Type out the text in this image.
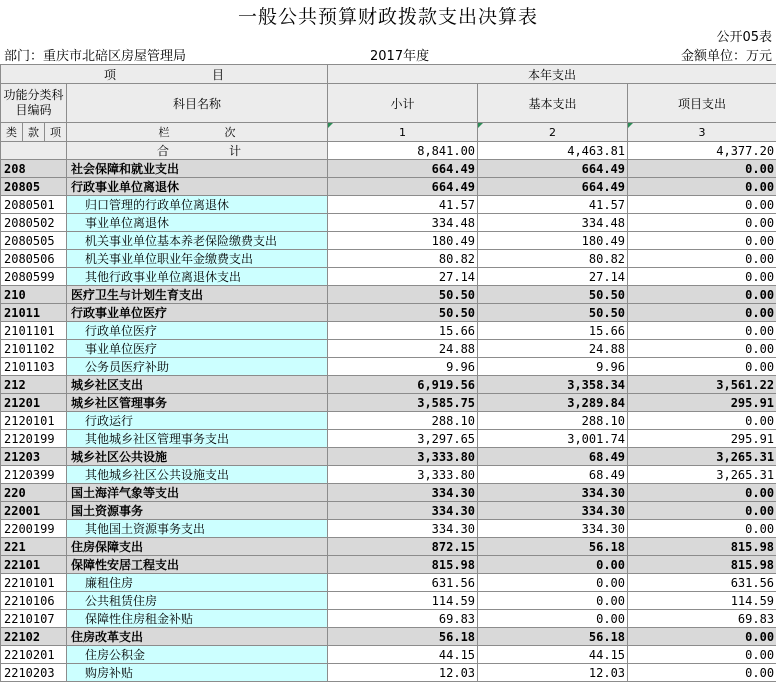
一般公共预算财政拨款支出决算表
公开05表
部门：重庆市北碚区房屋管理局	2017年度	金额单位：万元
项　　　　　　　　目				本年支出		
功能分类科目编码			科目名称	小计	基本支出	项目支出
类	款	项	栏　　　　　次	1	2	3
			合　　　　　计	8,841.00	4,463.81	4,377.20
208			社会保障和就业支出	664.49	664.49	0.00
20805			行政事业单位离退休	664.49	664.49	0.00
2080501			归口管理的行政单位离退休	41.57	41.57	0.00
2080502			事业单位离退休	334.48	334.48	0.00
2080505			机关事业单位基本养老保险缴费支出	180.49	180.49	0.00
2080506			机关事业单位职业年金缴费支出	80.82	80.82	0.00
2080599			其他行政事业单位离退休支出	27.14	27.14	0.00
210			医疗卫生与计划生育支出	50.50	50.50	0.00
21011			行政事业单位医疗	50.50	50.50	0.00
2101101			行政单位医疗	15.66	15.66	0.00
2101102			事业单位医疗	24.88	24.88	0.00
2101103			公务员医疗补助	9.96	9.96	0.00
212			城乡社区支出	6,919.56	3,358.34	3,561.22
21201			城乡社区管理事务	3,585.75	3,289.84	295.91
2120101			行政运行	288.10	288.10	0.00
2120199			其他城乡社区管理事务支出	3,297.65	3,001.74	295.91
21203			城乡社区公共设施	3,333.80	68.49	3,265.31
2120399			其他城乡社区公共设施支出	3,333.80	68.49	3,265.31
220			国土海洋气象等支出	334.30	334.30	0.00
22001			国土资源事务	334.30	334.30	0.00
2200199			其他国土资源事务支出	334.30	334.30	0.00
221			住房保障支出	872.15	56.18	815.98
22101			保障性安居工程支出	815.98	0.00	815.98
2210101			廉租住房	631.56	0.00	631.56
2210106			公共租赁住房	114.59	0.00	114.59
2210107			保障性住房租金补贴	69.83	0.00	69.83
22102			住房改革支出	56.18	56.18	0.00
2210201			住房公积金	44.15	44.15	0.00
2210203			购房补贴	12.03	12.03	0.00
